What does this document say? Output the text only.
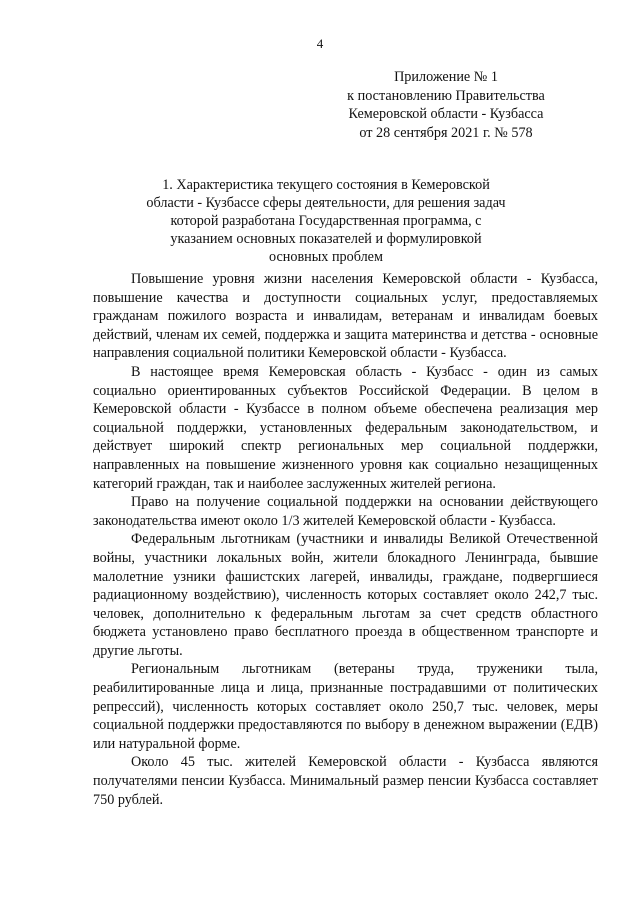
4
Приложение № 1
к постановлению Правительства
Кемеровской области - Кузбасса
от 28 сентября 2021 г. № 578
1. Характеристика текущего состояния в Кемеровской области - Кузбассе сферы деятельности, для решения задач которой разработана Государственная программа, с указанием основных показателей и формулировкой основных проблем

Повышение уровня жизни населения Кемеровской области - Кузбасса, повышение качества и доступности социальных услуг, предоставляемых гражданам пожилого возраста и инвалидам, ветеранам и инвалидам боевых действий, членам их семей, поддержка и защита материнства и детства - основные направления социальной политики Кемеровской области - Кузбасса.

В настоящее время Кемеровская область - Кузбасс - один из самых социально ориентированных субъектов Российской Федерации. В целом в Кемеровской области - Кузбассе в полном объеме обеспечена реализация мер социальной поддержки, установленных федеральным законодательством, и действует широкий спектр региональных мер социальной поддержки, направленных на повышение жизненного уровня как социально незащищенных категорий граждан, так и наиболее заслуженных жителей региона.

Право на получение социальной поддержки на основании действующего законодательства имеют около 1/3 жителей Кемеровской области - Кузбасса.

Федеральным льготникам (участники и инвалиды Великой Отечественной войны, участники локальных войн, жители блокадного Ленинграда, бывшие малолетние узники фашистских лагерей, инвалиды, граждане, подвергшиеся радиационному воздействию), численность которых составляет около 242,7 тыс. человек, дополнительно к федеральным льготам за счет средств областного бюджета установлено право бесплатного проезда в общественном транспорте и другие льготы.

Региональным льготникам (ветераны труда, труженики тыла, реабилитированные лица и лица, признанные пострадавшими от политических репрессий), численность которых составляет около 250,7 тыс. человек, меры социальной поддержки предоставляются по выбору в денежном выражении (ЕДВ) или натуральной форме.

Около 45 тыс. жителей Кемеровской области - Кузбасса являются получателями пенсии Кузбасса. Минимальный размер пенсии Кузбасса составляет 750 рублей.
